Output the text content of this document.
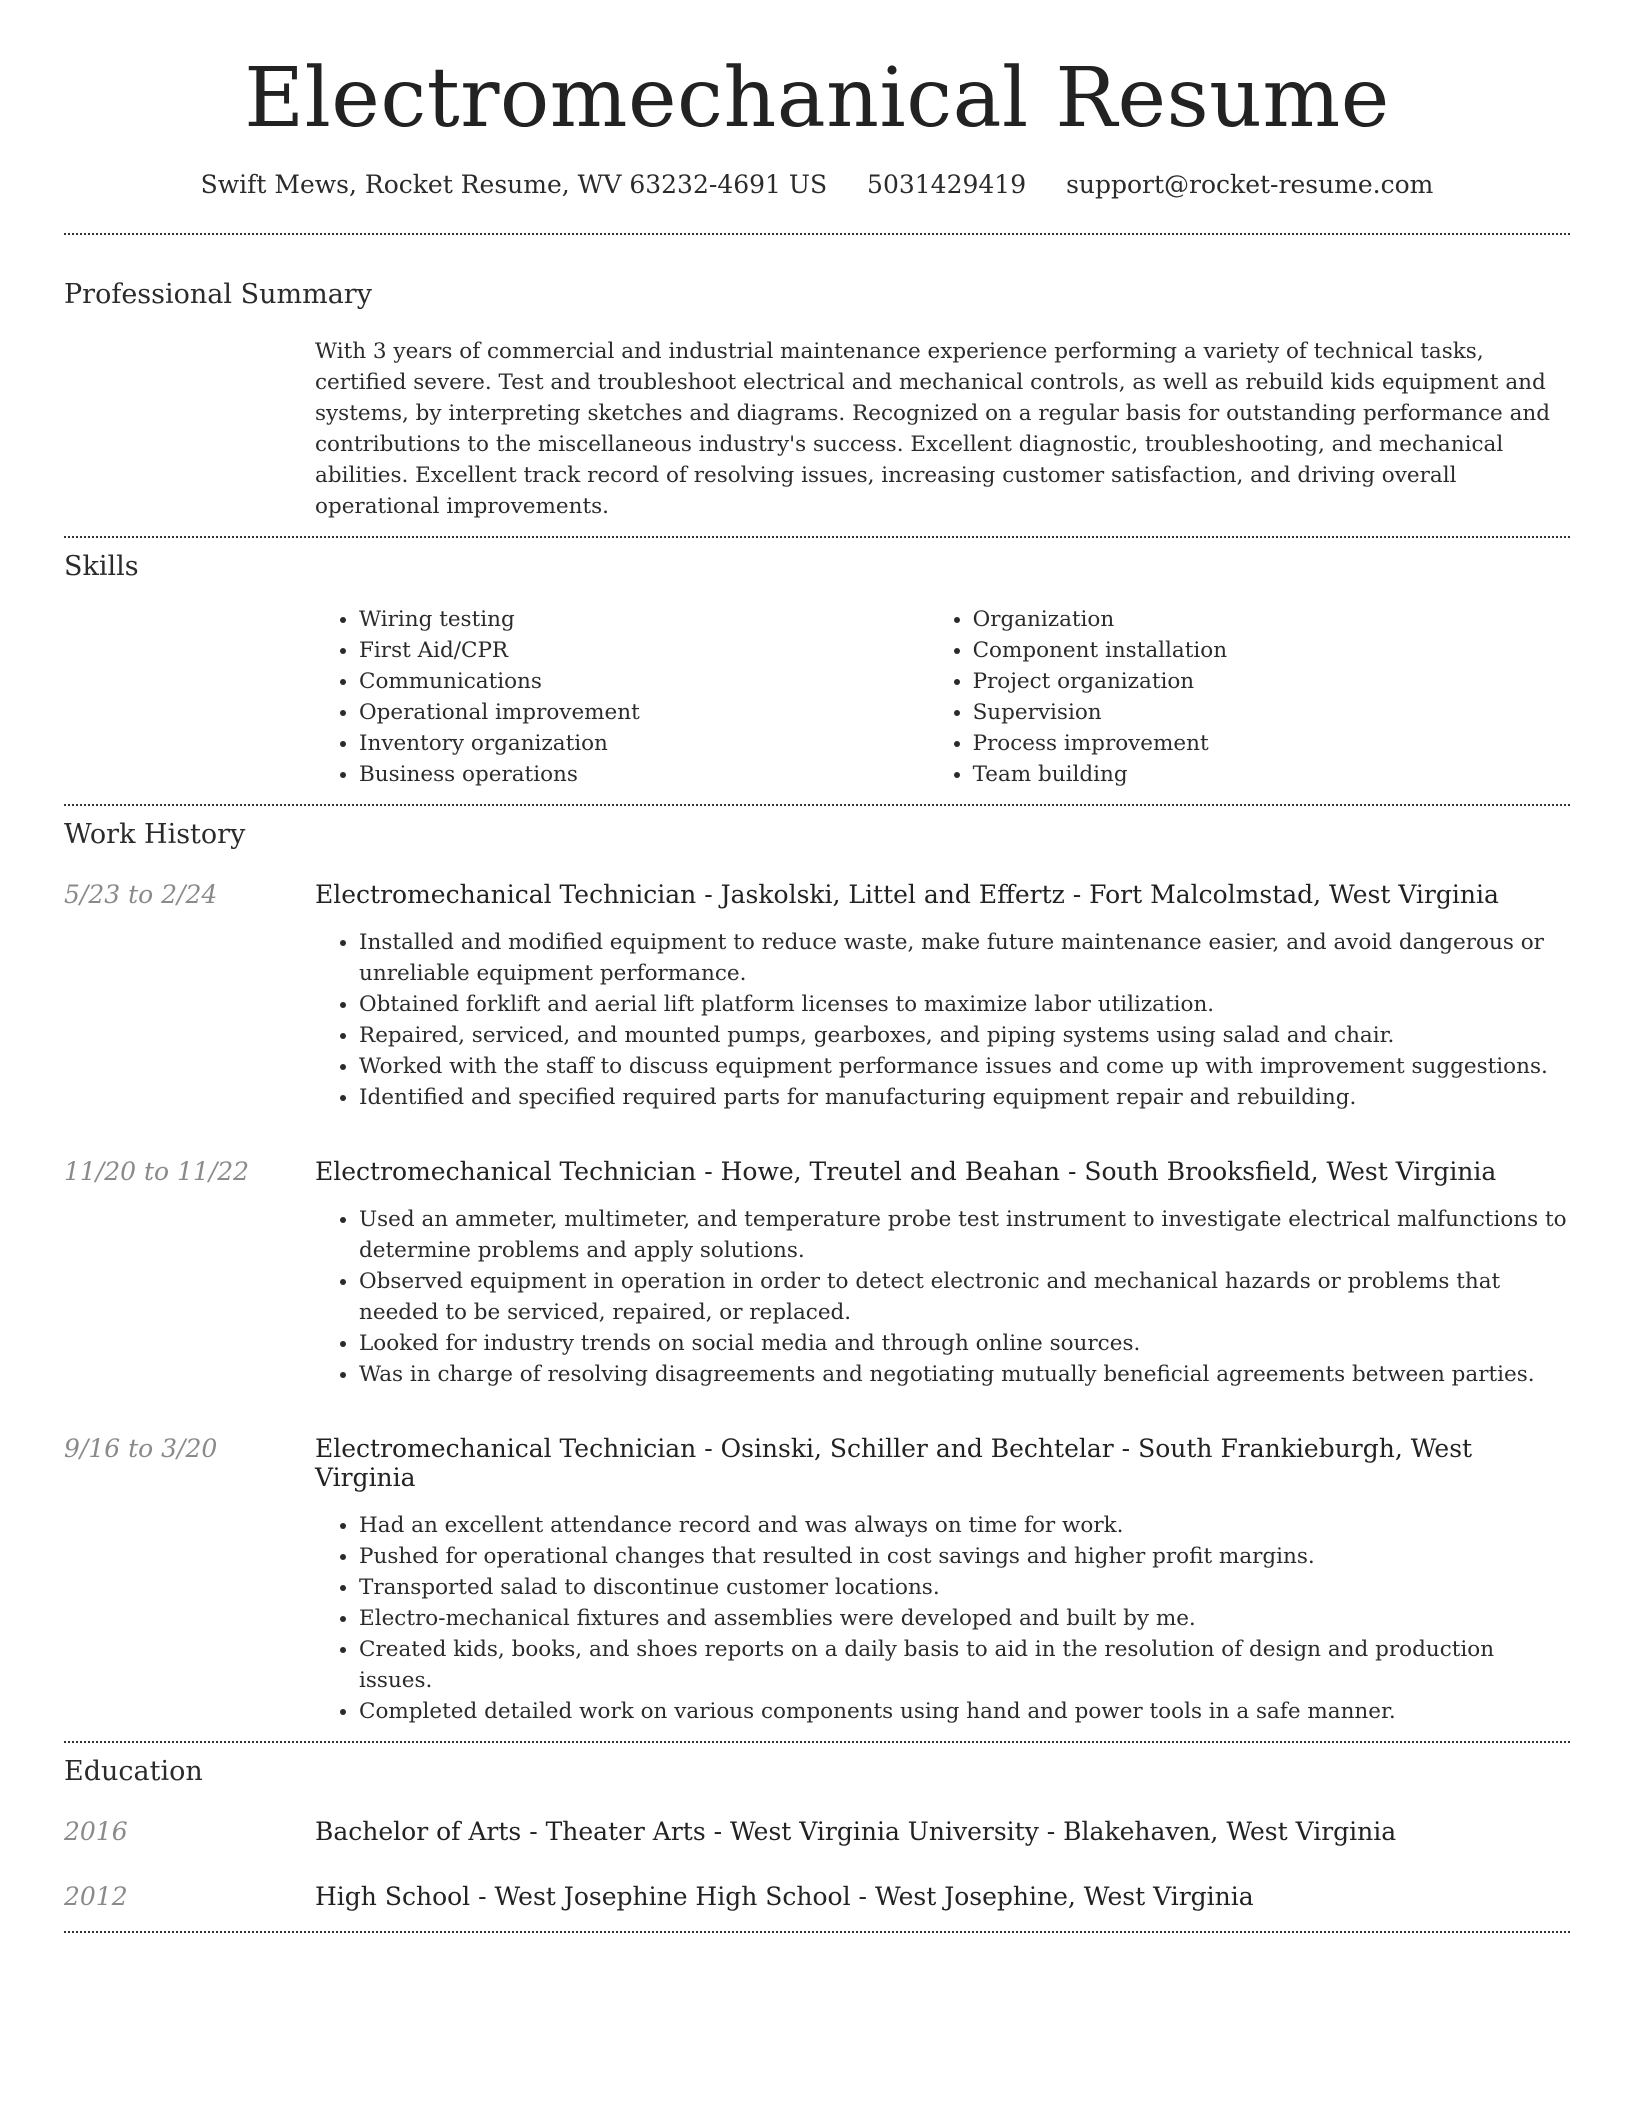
Electromechanical Resume
Swift Mews, Rocket Resume, WV 63232-4691 US 5031429419 support@rocket-resume.com
Professional Summary
With 3 years of commercial and industrial maintenance experience performing a variety of technical tasks, certified severe. Test and troubleshoot electrical and mechanical controls, as well as rebuild kids equipment and systems, by interpreting sketches and diagrams. Recognized on a regular basis for outstanding performance and contributions to the miscellaneous industry's success. Excellent diagnostic, troubleshooting, and mechanical abilities. Excellent track record of resolving issues, increasing customer satisfaction, and driving overall operational improvements.
Skills
• Wiring testing
• First Aid/CPR
• Communications
• Operational improvement
• Inventory organization
• Business operations
• Organization
• Component installation
• Project organization
• Supervision
• Process improvement
• Team building
Work History
5/23 to 2/24	Electromechanical Technician - Jaskolski, Littel and Effertz - Fort Malcolmstad, West Virginia
• Installed and modified equipment to reduce waste, make future maintenance easier, and avoid dangerous or unreliable equipment performance.
• Obtained forklift and aerial lift platform licenses to maximize labor utilization.
• Repaired, serviced, and mounted pumps, gearboxes, and piping systems using salad and chair.
• Worked with the staff to discuss equipment performance issues and come up with improvement suggestions.
• Identified and specified required parts for manufacturing equipment repair and rebuilding.
11/20 to 11/22	Electromechanical Technician - Howe, Treutel and Beahan - South Brooksfield, West Virginia
• Used an ammeter, multimeter, and temperature probe test instrument to investigate electrical malfunctions to determine problems and apply solutions.
• Observed equipment in operation in order to detect electronic and mechanical hazards or problems that needed to be serviced, repaired, or replaced.
• Looked for industry trends on social media and through online sources.
• Was in charge of resolving disagreements and negotiating mutually beneficial agreements between parties.
9/16 to 3/20	Electromechanical Technician - Osinski, Schiller and Bechtelar - South Frankieburgh, West Virginia
• Had an excellent attendance record and was always on time for work.
• Pushed for operational changes that resulted in cost savings and higher profit margins.
• Transported salad to discontinue customer locations.
• Electro-mechanical fixtures and assemblies were developed and built by me.
• Created kids, books, and shoes reports on a daily basis to aid in the resolution of design and production issues.
• Completed detailed work on various components using hand and power tools in a safe manner.
Education
2016	Bachelor of Arts - Theater Arts - West Virginia University - Blakehaven, West Virginia
2012	High School - West Josephine High School - West Josephine, West Virginia
